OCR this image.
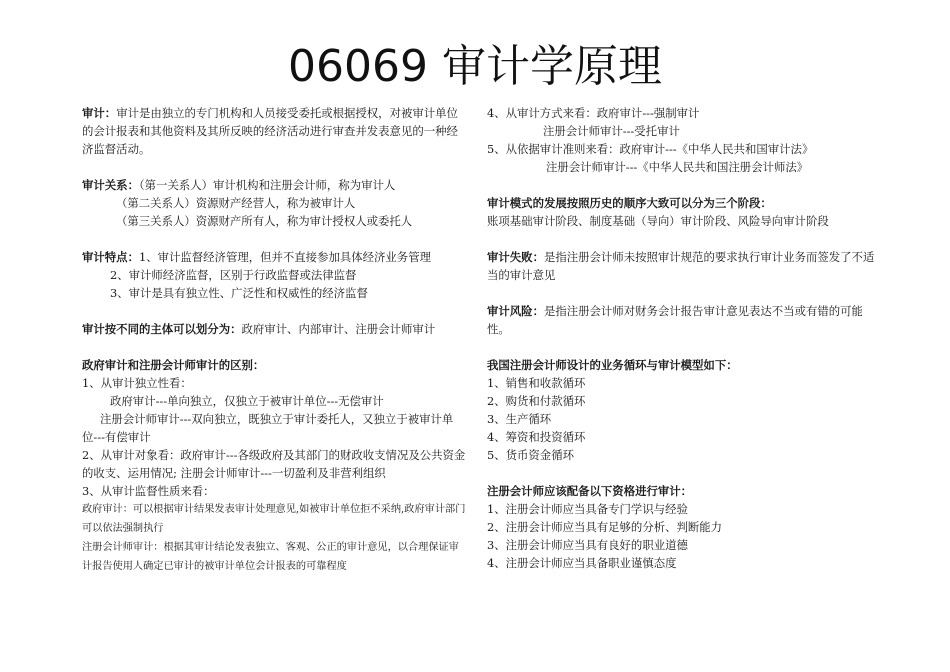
06069 审计学原理

审计：审计是由独立的专门机构和人员接受委托或根据授权，对被审计单位的会计报表和其他资料及其所反映的经济活动进行审查并发表意见的一种经济监督活动。

审计关系：（第一关系人）审计机构和注册会计师，称为审计人

（第二关系人）资源财产经营人，称为被审计人

（第三关系人）资源财产所有人，称为审计授权人或委托人

审计特点：1、审计监督经济管理，但并不直接参加具体经济业务管理

2、审计师经济监督，区别于行政监督或法律监督

3、审计是具有独立性、广泛性和权威性的经济监督

审计按不同的主体可以划分为：政府审计、内部审计、注册会计师审计

政府审计和注册会计师审计的区别：

1、从审计独立性看：

政府审计---单向独立，仅独立于被审计单位---无偿审计

注册会计师审计---双向独立，既独立于审计委托人，又独立于被审计单位---有偿审计

2、从审计对象看：政府审计---各级政府及其部门的财政收支情况及公共资金的收支、运用情况; 注册会计师审计---一切盈利及非营利组织

3、从审计监督性质来看：

政府审计：可以根据审计结果发表审计处理意见,如被审计单位拒不采纳,政府审计部门可以依法强制执行

注册会计师审计：根据其审计结论发表独立、客观、公正的审计意见，以合理保证审计报告使用人确定已审计的被审计单位会计报表的可靠程度

4、从审计方式来看：政府审计---强制审计

注册会计师审计---受托审计

5、从依据审计准则来看：政府审计---《中华人民共和国审计法》

注册会计师审计---《中华人民共和国注册会计师法》

审计模式的发展按照历史的顺序大致可以分为三个阶段：

账项基础审计阶段、制度基础（导向）审计阶段、风险导向审计阶段

审计失败：是指注册会计师未按照审计规范的要求执行审计业务而签发了不适当的审计意见

审计风险：是指注册会计师对财务会计报告审计意见表达不当或有错的可能性。

我国注册会计师设计的业务循环与审计模型如下：

1、销售和收款循环

2、购货和付款循环

3、生产循环

4、筹资和投资循环

5、货币资金循环

注册会计师应该配备以下资格进行审计：

1、注册会计师应当具备专门学识与经验

2、注册会计师应当具有足够的分析、判断能力

3、注册会计师应当具有良好的职业道德

4、注册会计师应当具备职业谨慎态度
